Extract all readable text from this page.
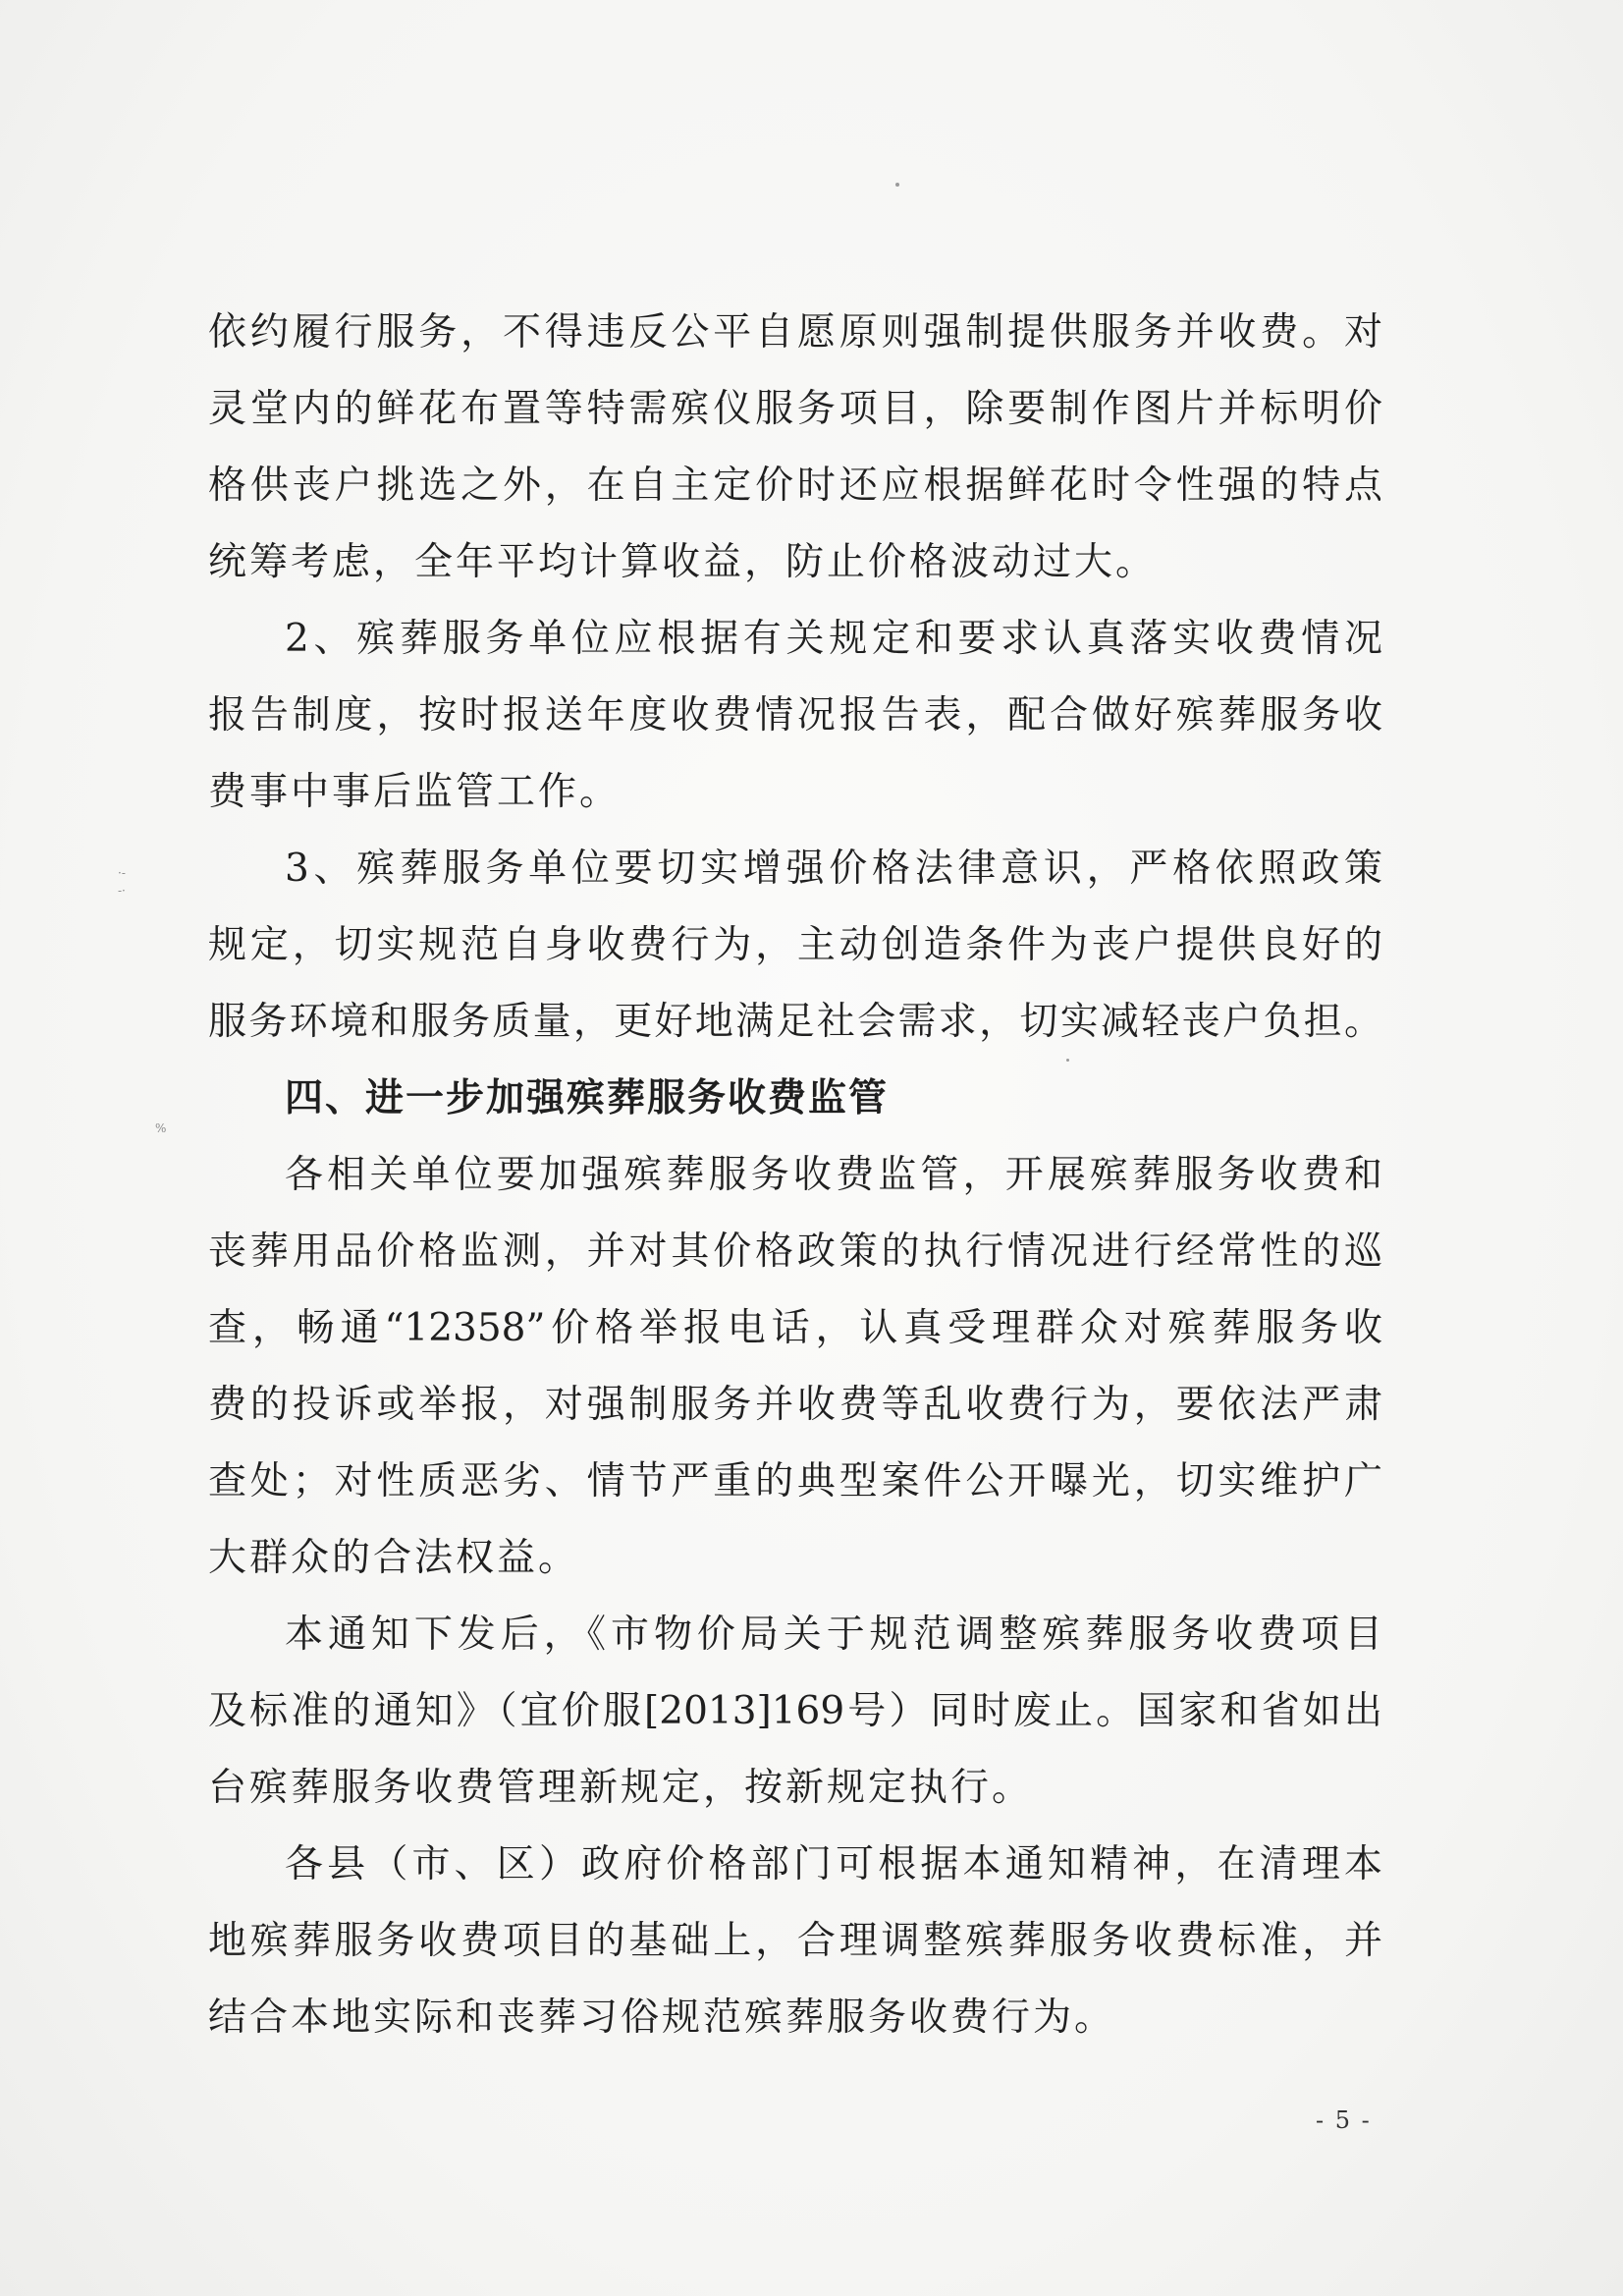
·-
-·
%

依约履行服务，不得违反公平自愿原则强制提供服务并收费。对

灵堂内的鲜花布置等特需殡仪服务项目，除要制作图片并标明价

格供丧户挑选之外，在自主定价时还应根据鲜花时令性强的特点

统筹考虑，全年平均计算收益，防止价格波动过大。

2、殡葬服务单位应根据有关规定和要求认真落实收费情况

报告制度，按时报送年度收费情况报告表，配合做好殡葬服务收

费事中事后监管工作。

3、殡葬服务单位要切实增强价格法律意识，严格依照政策

规定，切实规范自身收费行为，主动创造条件为丧户提供良好的

服务环境和服务质量，更好地满足社会需求，切实减轻丧户负担。

四、进一步加强殡葬服务收费监管

各相关单位要加强殡葬服务收费监管，开展殡葬服务收费和

丧葬用品价格监测，并对其价格政策的执行情况进行经常性的巡

查，畅通“12358”价格举报电话，认真受理群众对殡葬服务收

费的投诉或举报，对强制服务并收费等乱收费行为，要依法严肃

查处；对性质恶劣、情节严重的典型案件公开曝光，切实维护广

大群众的合法权益。

本通知下发后，《市物价局关于规范调整殡葬服务收费项目

及标准的通知》（宜价服[2013]169号）同时废止。国家和省如出

台殡葬服务收费管理新规定，按新规定执行。

各县（市、区）政府价格部门可根据本通知精神，在清理本

地殡葬服务收费项目的基础上，合理调整殡葬服务收费标准，并

结合本地实际和丧葬习俗规范殡葬服务收费行为。

- 5 -
